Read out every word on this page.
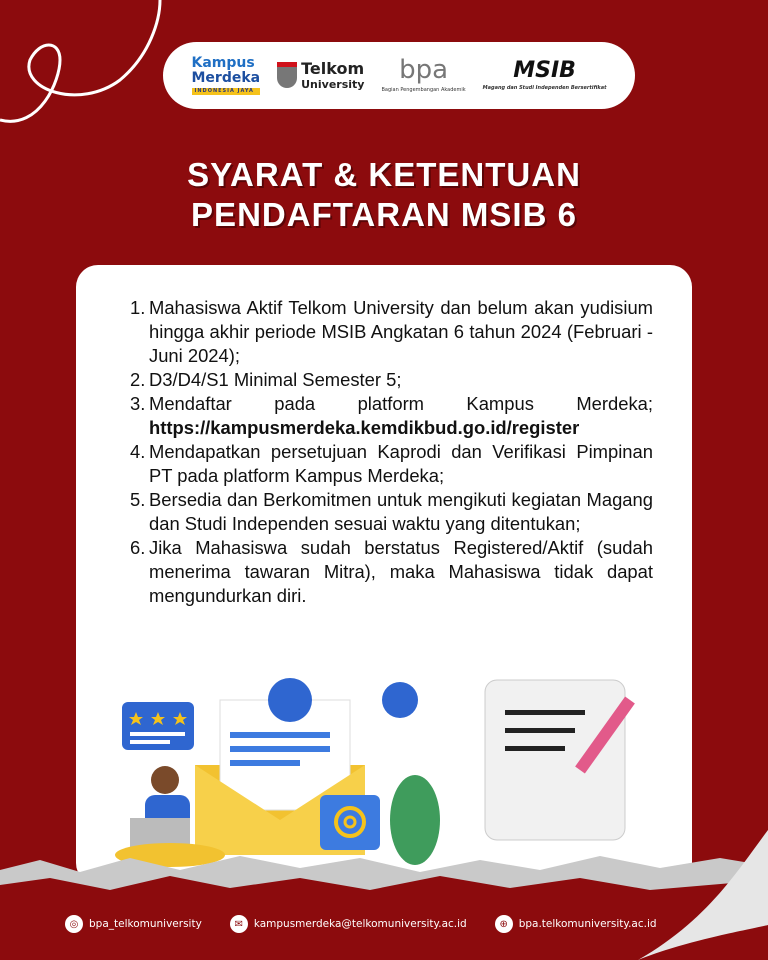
Kampus
Merdeka
INDONESIA JAYA
Telkom
University	bpa
Bagian Pengembangan Akademik
MSIB
Magang dan Studi Independen Bersertifikat
SYARAT & KETENTUAN
PENDAFTARAN MSIB 6
1. Mahasiswa Aktif Telkom University dan belum akan yudisium hingga akhir periode MSIB Angkatan 6 tahun 2024 (Februari - Juni 2024);
2. D3/D4/S1 Minimal Semester 5;
3. Mendaftar pada platform Kampus Merdeka;
https://kampusmerdeka.kemdikbud.go.id/register
4. Mendapatkan persetujuan Kaprodi dan Verifikasi Pimpinan PT pada platform Kampus Merdeka;
5. Bersedia dan Berkomitmen untuk mengikuti kegiatan Magang dan Studi Independen sesuai waktu yang ditentukan;
6. Jika Mahasiswa sudah berstatus Registered/Aktif (sudah menerima tawaran Mitra), maka Mahasiswa tidak dapat mengundurkan diri.
◎	bpa_telkomuniversity	✉	kampusmerdeka@telkomuniversity.ac.id	⊕	bpa.telkomuniversity.ac.id
